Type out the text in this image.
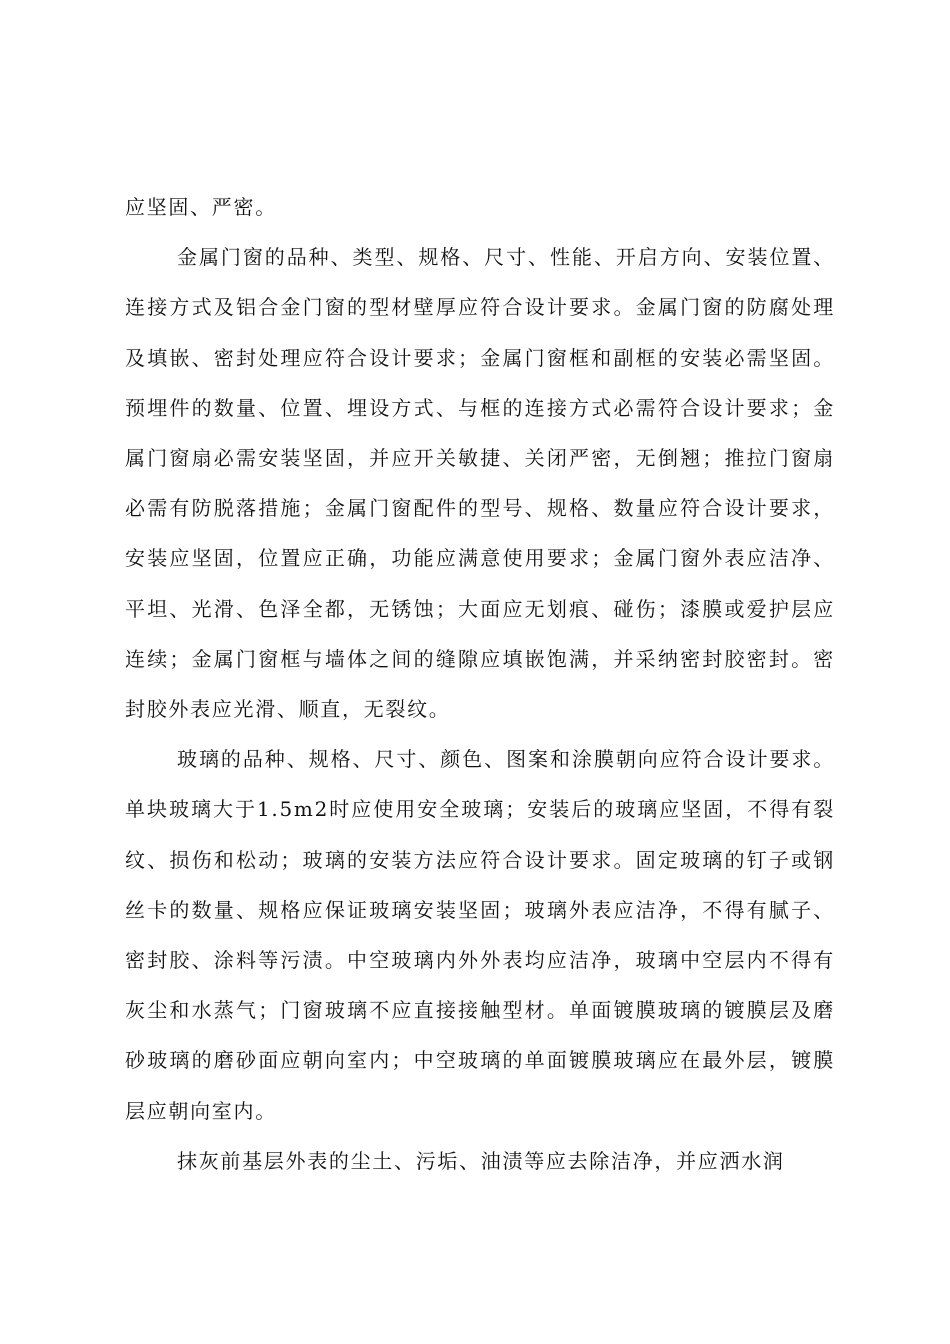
应坚固、严密。

金属门窗的品种、类型、规格、尺寸、性能、开启方向、安装位置、连接方式及铝合金门窗的型材壁厚应符合设计要求。金属门窗的防腐处理及填嵌、密封处理应符合设计要求；金属门窗框和副框的安装必需坚固。预埋件的数量、位置、埋设方式、与框的连接方式必需符合设计要求；金属门窗扇必需安装坚固，并应开关敏捷、关闭严密，无倒翘；推拉门窗扇必需有防脱落措施；金属门窗配件的型号、规格、数量应符合设计要求，安装应坚固，位置应正确，功能应满意使用要求；金属门窗外表应洁净、平坦、光滑、色泽全都，无锈蚀；大面应无划痕、碰伤；漆膜或爱护层应连续；金属门窗框与墙体之间的缝隙应填嵌饱满，并采纳密封胶密封。密封胶外表应光滑、顺直，无裂纹。

玻璃的品种、规格、尺寸、颜色、图案和涂膜朝向应符合设计要求。单块玻璃大于1.5m2时应使用安全玻璃；安装后的玻璃应坚固，不得有裂纹、损伤和松动；玻璃的安装方法应符合设计要求。固定玻璃的钉子或钢丝卡的数量、规格应保证玻璃安装坚固；玻璃外表应洁净，不得有腻子、密封胶、涂料等污渍。中空玻璃内外外表均应洁净，玻璃中空层内不得有灰尘和水蒸气；门窗玻璃不应直接接触型材。单面镀膜玻璃的镀膜层及磨砂玻璃的磨砂面应朝向室内；中空玻璃的单面镀膜玻璃应在最外层，镀膜层应朝向室内。

抹灰前基层外表的尘土、污垢、油渍等应去除洁净，并应洒水润
